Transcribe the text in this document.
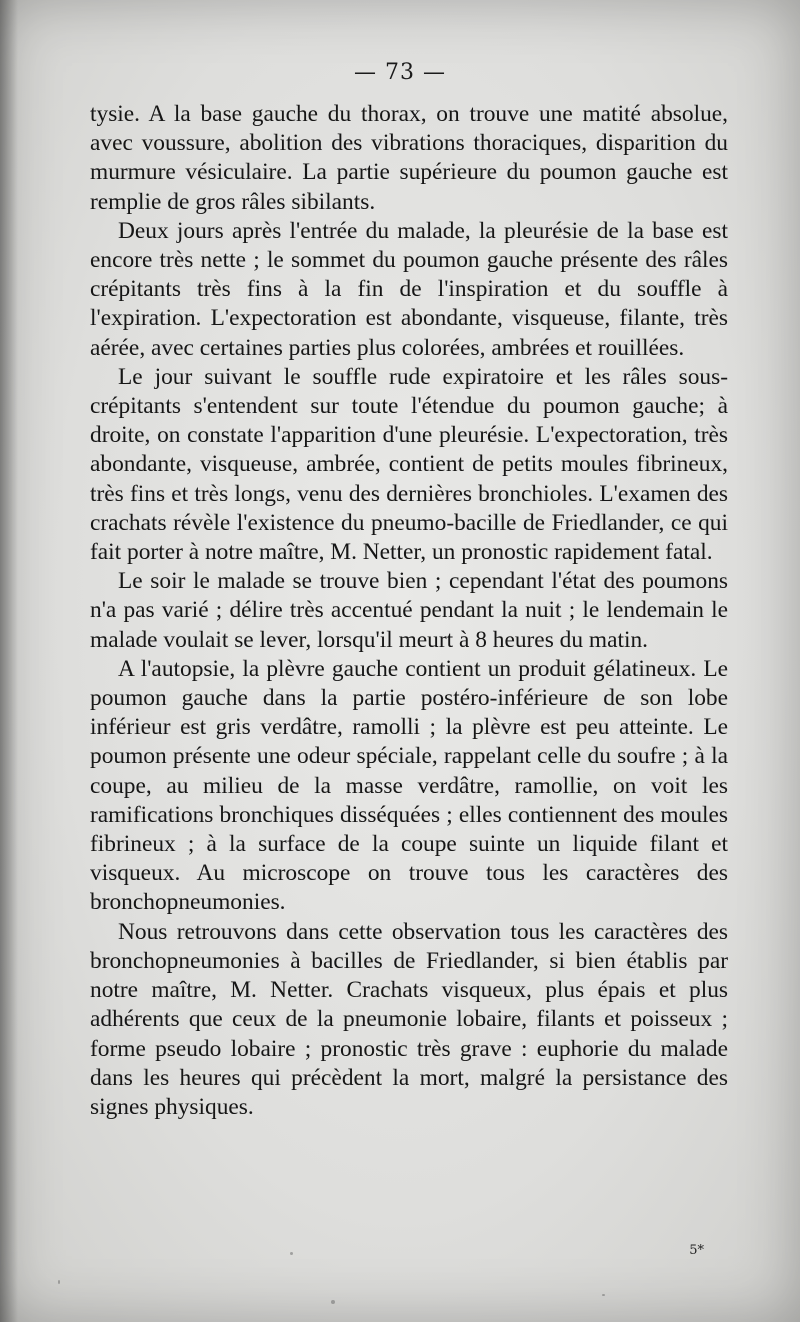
— 73 —

tysie. A la base gauche du thorax, on trouve une matité absolue, avec voussure, abolition des vibrations thoraciques, disparition du murmure vésiculaire. La partie supérieure du poumon gauche est remplie de gros râles sibilants.

Deux jours après l'entrée du malade, la pleurésie de la base est encore très nette ; le sommet du poumon gauche présente des râles crépitants très fins à la fin de l'inspiration et du souffle à l'expiration. L'expectoration est abondante, visqueuse, filante, très aérée, avec certaines parties plus colorées, ambrées et rouillées.

Le jour suivant le souffle rude expiratoire et les râles sous-crépitants s'entendent sur toute l'étendue du poumon gauche; à droite, on constate l'apparition d'une pleurésie. L'expectoration, très abondante, visqueuse, ambrée, contient de petits moules fibrineux, très fins et très longs, venu des dernières bronchioles. L'examen des crachats révèle l'existence du pneumo-bacille de Friedlander, ce qui fait porter à notre maître, M. Netter, un pronostic rapidement fatal.

Le soir le malade se trouve bien ; cependant l'état des poumons n'a pas varié ; délire très accentué pendant la nuit ; le lendemain le malade voulait se lever, lorsqu'il meurt à 8 heures du matin.

A l'autopsie, la plèvre gauche contient un produit gélatineux. Le poumon gauche dans la partie postéro-inférieure de son lobe inférieur est gris verdâtre, ramolli ; la plèvre est peu atteinte. Le poumon présente une odeur spéciale, rappelant celle du soufre ; à la coupe, au milieu de la masse verdâtre, ramollie, on voit les ramifications bronchiques disséquées ; elles contiennent des moules fibrineux ; à la surface de la coupe suinte un liquide filant et visqueux. Au microscope on trouve tous les caractères des bronchopneumonies.

Nous retrouvons dans cette observation tous les caractères des bronchopneumonies à bacilles de Friedlander, si bien établis par notre maître, M. Netter. Crachats visqueux, plus épais et plus adhérents que ceux de la pneumonie lobaire, filants et poisseux ; forme pseudo lobaire ; pronostic très grave : euphorie du malade dans les heures qui précèdent la mort, malgré la persistance des signes physiques.

5*
